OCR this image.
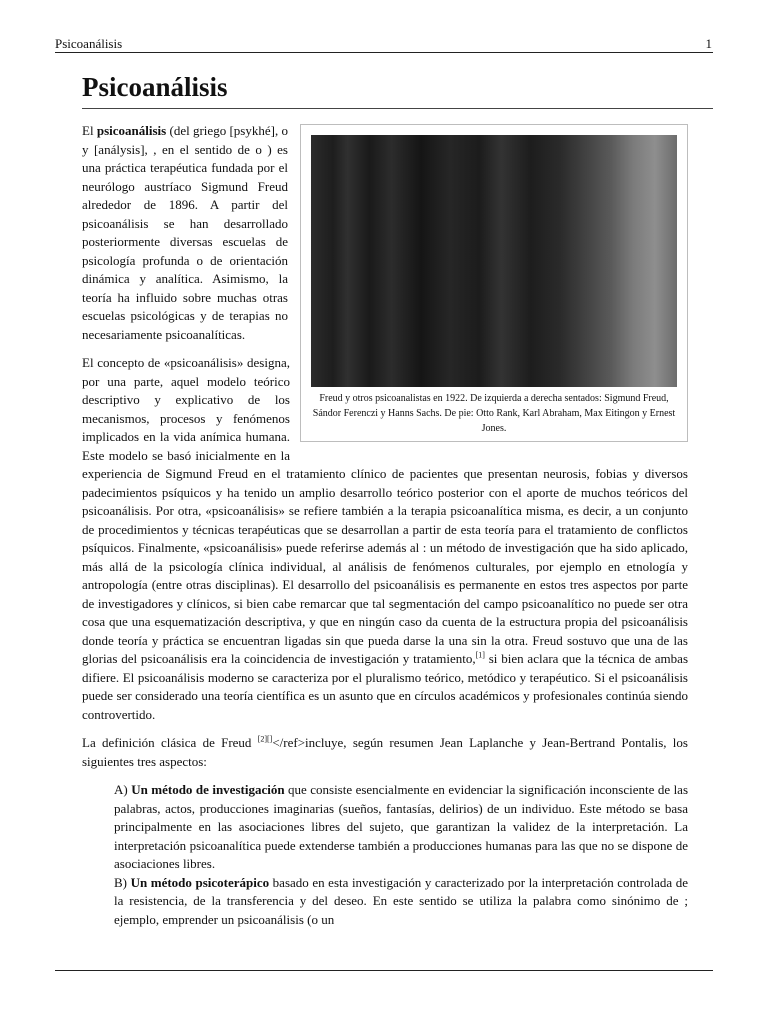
Psicoanálisis	1
Psicoanálisis
Freud y otros psicoanalistas en 1922. De izquierda a derecha sentados: Sigmund Freud, Sándor Ferenczi y Hanns Sachs. De pie: Otto Rank, Karl Abraham, Max Eitingon y Ernest Jones.

El psicoanálisis (del griego [psykhé], o y [análysis], , en el sentido de o ) es una práctica terapéutica fundada por el neurólogo austríaco Sigmund Freud alrededor de 1896. A partir del psicoanálisis se han desarrollado posteriormente diversas escuelas de psicología profunda o de orientación dinámica y analítica. Asimismo, la teoría ha influido sobre muchas otras escuelas psicológicas y de terapias no necesariamente psicoanalíticas.

El concepto de «psicoanálisis» designa, por una parte, aquel modelo teórico descriptivo y explicativo de los mecanismos, procesos y fenómenos implicados en la vida anímica humana. Este modelo se basó inicialmente en la experiencia de Sigmund Freud en el tratamiento clínico de pacientes que presentan neurosis, fobias y diversos padecimientos psíquicos y ha tenido un amplio desarrollo teórico posterior con el aporte de muchos teóricos del psicoanálisis. Por otra, «psicoanálisis» se refiere también a la terapia psicoanalítica misma, es decir, a un conjunto de procedimientos y técnicas terapéuticas que se desarrollan a partir de esta teoría para el tratamiento de conflictos psíquicos. Finalmente, «psicoanálisis» puede referirse además al : un método de investigación que ha sido aplicado, más allá de la psicología clínica individual, al análisis de fenómenos culturales, por ejemplo en etnología y antropología (entre otras disciplinas). El desarrollo del psicoanálisis es permanente en estos tres aspectos por parte de investigadores y clínicos, si bien cabe remarcar que tal segmentación del campo psicoanalítico no puede ser otra cosa que una esquematización descriptiva, y que en ningún caso da cuenta de la estructura propia del psicoanálisis donde teoría y práctica se encuentran ligadas sin que pueda darse la una sin la otra. Freud sostuvo que una de las glorias del psicoanálisis era la coincidencia de investigación y tratamiento,[1] si bien aclara que la técnica de ambas difiere. El psicoanálisis moderno se caracteriza por el pluralismo teórico, metódico y terapéutico. Si el psicoanálisis puede ser considerado una teoría científica es un asunto que en círculos académicos y profesionales continúa siendo controvertido.

La definición clásica de Freud [2][]</ref>incluye, según resumen Jean Laplanche y Jean-Bertrand Pontalis, los siguientes tres aspectos:

A) Un método de investigación que consiste esencialmente en evidenciar la significación inconsciente de las palabras, actos, producciones imaginarias (sueños, fantasías, delirios) de un individuo. Este método se basa principalmente en las asociaciones libres del sujeto, que garantizan la validez de la interpretación. La interpretación psicoanalítica puede extenderse también a producciones humanas para las que no se dispone de asociaciones libres.

B) Un método psicoterápico basado en esta investigación y caracterizado por la interpretación controlada de la resistencia, de la transferencia y del deseo. En este sentido se utiliza la palabra como sinónimo de ; ejemplo, emprender un psicoanálisis (o un
